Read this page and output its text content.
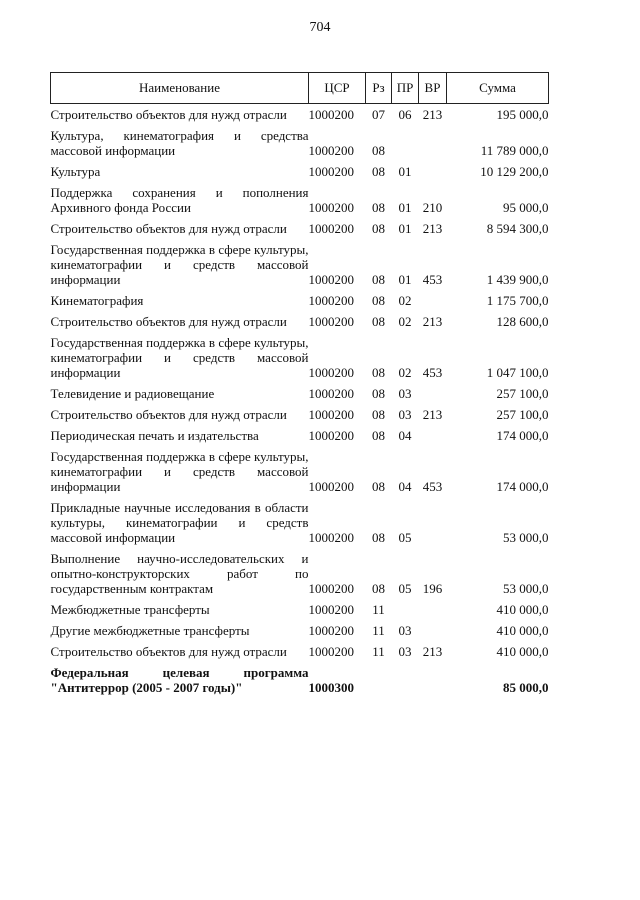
704
Наименование	ЦСР	Рз	ПР	ВР	Сумма
Строительство объектов для нужд отрасли	1000200	07	06	213	195 000,0
Культура, кинематография и средства массовой информации	1000200	08			11 789 000,0
Культура	1000200	08	01		10 129 200,0
Поддержка сохранения и пополнения Архивного фонда России	1000200	08	01	210	95 000,0
Строительство объектов для нужд отрасли	1000200	08	01	213	8 594 300,0
Государственная поддержка в сфере культуры, кинематографии и средств массовой информации	1000200	08	01	453	1 439 900,0
Кинематография	1000200	08	02		1 175 700,0
Строительство объектов для нужд отрасли	1000200	08	02	213	128 600,0
Государственная поддержка в сфере культуры, кинематографии и средств массовой информации	1000200	08	02	453	1 047 100,0
Телевидение и радиовещание	1000200	08	03		257 100,0
Строительство объектов для нужд отрасли	1000200	08	03	213	257 100,0
Периодическая печать и издательства	1000200	08	04		174 000,0
Государственная поддержка в сфере культуры, кинематографии и средств массовой информации	1000200	08	04	453	174 000,0
Прикладные научные исследования в области культуры, кинематографии и средств массовой информации	1000200	08	05		53 000,0
Выполнение научно-исследовательских и опытно-конструкторских работ по государственным контрактам	1000200	08	05	196	53 000,0
Межбюджетные трансферты	1000200	11			410 000,0
Другие межбюджетные трансферты	1000200	11	03		410 000,0
Строительство объектов для нужд отрасли	1000200	11	03	213	410 000,0
Федеральная целевая программа "Антитеррор (2005 - 2007 годы)"	1000300				85 000,0
